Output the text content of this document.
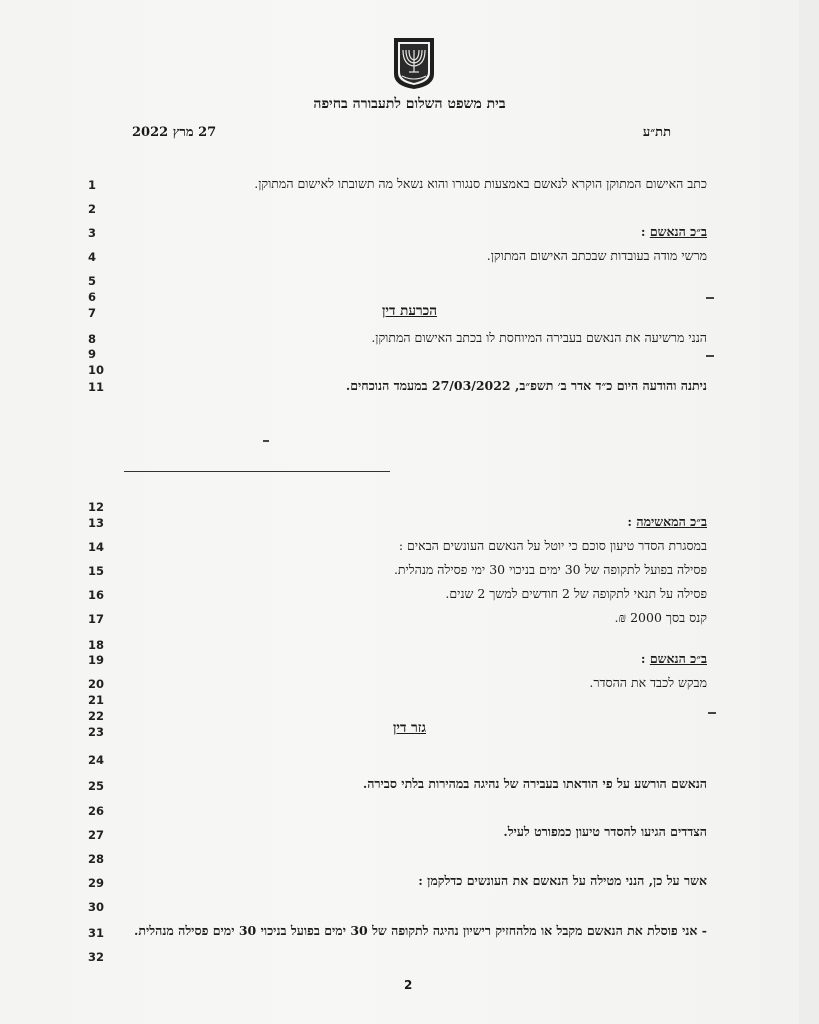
בית משפט השלום לתעבורה בחיפה
תת״ע
27 מרץ 2022
1
2
3
4
5
6
7
8
9
10
11
12
13
14
15
16
17
18
19
20
21
22
23
24
25
26
27
28
29
30
31
32
כתב האישום המתוקן הוקרא לנאשם באמצעות סנגורו והוא נשאל מה תשובתו לאישום המתוקן.
ב״כ הנאשם :
מרשי מודה בעובדות שבכתב האישום המתוקן.
הכרעת דין
הנני מרשיעה את הנאשם בעבירה המיוחסת לו בכתב האישום המתוקן.
ניתנה והודעה היום כ״ד אדר ב׳ תשפ״ב, 27/03/2022 במעמד הנוכחים.
ב״כ המאשימה :
במסגרת הסדר טיעון סוכם כי יוטל על הנאשם העונשים הבאים :
פסילה בפועל לתקופה של 30 ימים בניכוי 30 ימי פסילה מנהלית.
פסילה על תנאי לתקופה של 2 חודשים למשך 2 שנים.
קנס בסך 2000 ₪.
ב״כ הנאשם :
מבקש לכבד את ההסדר.
גזר דין
הנאשם הורשע על פי הודאתו בעבירה של נהיגה במהירות בלתי סבירה.
הצדדים הגיעו להסדר טיעון כמפורט לעיל.
אשר על כן, הנני מטילה על הנאשם את העונשים כדלקמן :
- אני פוסלת את הנאשם מקבל או מלהחזיק רישיון נהיגה לתקופה של 30 ימים בפועל בניכוי 30 ימים פסילה מנהלית.
2
